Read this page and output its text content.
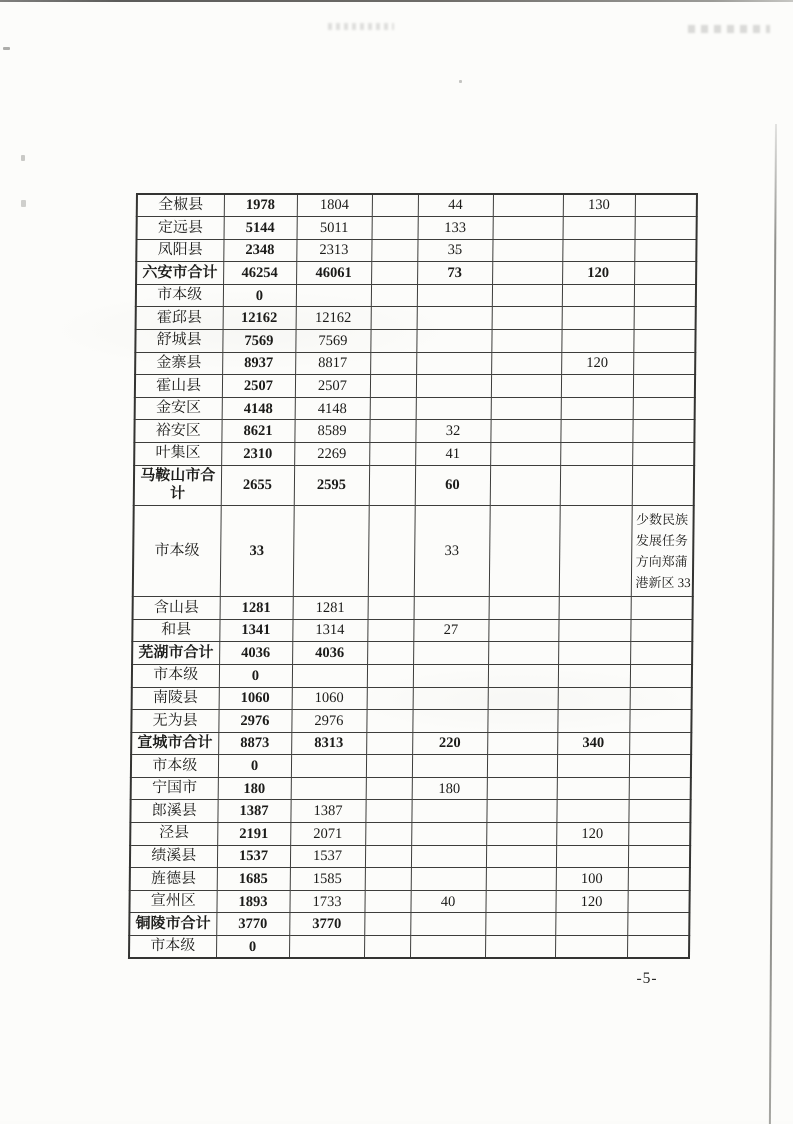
全椒县	1978	1804		44		130	
定远县	5144	5011		133			
凤阳县	2348	2313		35			
六安市合计	46254	46061		73		120	
市本级	0						
霍邱县	12162	12162					
舒城县	7569	7569					
金寨县	8937	8817				120	
霍山县	2507	2507					
金安区	4148	4148					
裕安区	8621	8589		32			
叶集区	2310	2269		41			
马鞍山市合计	2655	2595		60			
市本级	33			33			少数民族
发展任务
方向郑蒲
港新区 33
含山县	1281	1281					
和县	1341	1314		27			
芜湖市合计	4036	4036					
市本级	0						
南陵县	1060	1060					
无为县	2976	2976					
宣城市合计	8873	8313		220		340	
市本级	0						
宁国市	180			180			
郎溪县	1387	1387					
泾县	2191	2071				120	
绩溪县	1537	1537					
旌德县	1685	1585				100	
宣州区	1893	1733		40		120	
铜陵市合计	3770	3770					
市本级	0						
-5-
